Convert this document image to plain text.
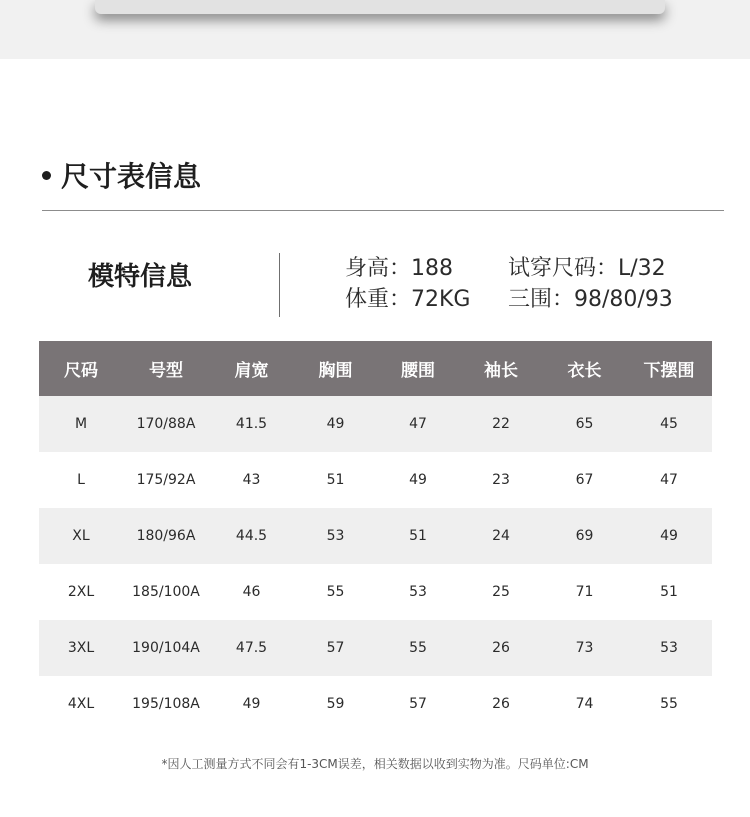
尺寸表信息
模特信息	身高：188
体重：72KG
试穿尺码：L/32
三围：98/80/93
尺码	号型	肩宽	胸围	腰围	袖长	衣长	下摆围
M	170/88A	41.5	49	47	22	65	45
L	175/92A	43	51	49	23	67	47
XL	180/96A	44.5	53	51	24	69	49
2XL	185/100A	46	55	53	25	71	51
3XL	190/104A	47.5	57	55	26	73	53
4XL	195/108A	49	59	57	26	74	55
*因人工测量方式不同会有1-3CM误差，相关数据以收到实物为准。尺码单位:CM
